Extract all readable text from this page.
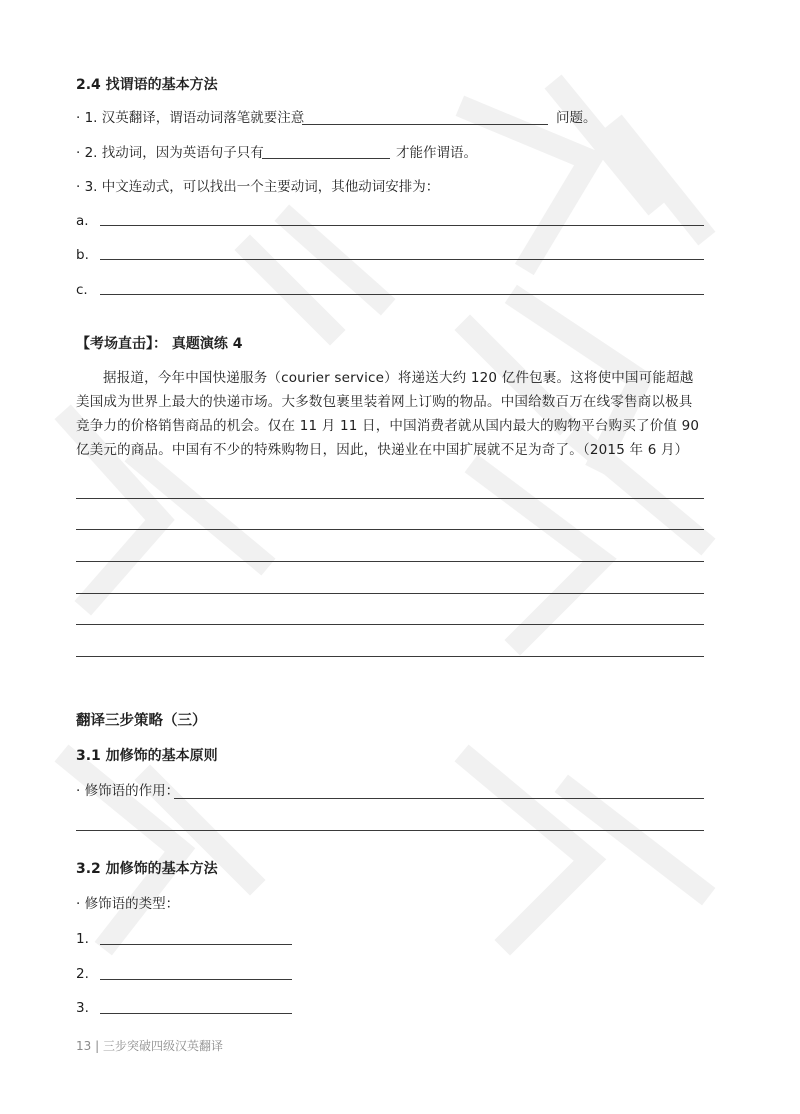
2.4 找谓语的基本方法
· 1. 汉英翻译，谓语动词落笔就要注意	问题。
· 2. 找动词，因为英语句子只有	才能作谓语。
· 3. 中文连动式，可以找出一个主要动词，其他动词安排为：
a.
b.
c.
【考场直击】： 真题演练 4
据报道，今年中国快递服务（courier service）将递送大约 120 亿件包裹。这将使中国可能超越美国成为世界上最大的快递市场。大多数包裹里装着网上订购的物品。中国给数百万在线零售商以极具竞争力的价格销售商品的机会。仅在 11 月 11 日，中国消费者就从国内最大的购物平台购买了价值 90 亿美元的商品。中国有不少的特殊购物日，因此，快递业在中国扩展就不足为奇了。（2015 年 6 月）
翻译三步策略（三）
3.1 加修饰的基本原则
· 修饰语的作用：
3.2 加修饰的基本方法
· 修饰语的类型：
1.
2.
3.
13 | 三步突破四级汉英翻译
